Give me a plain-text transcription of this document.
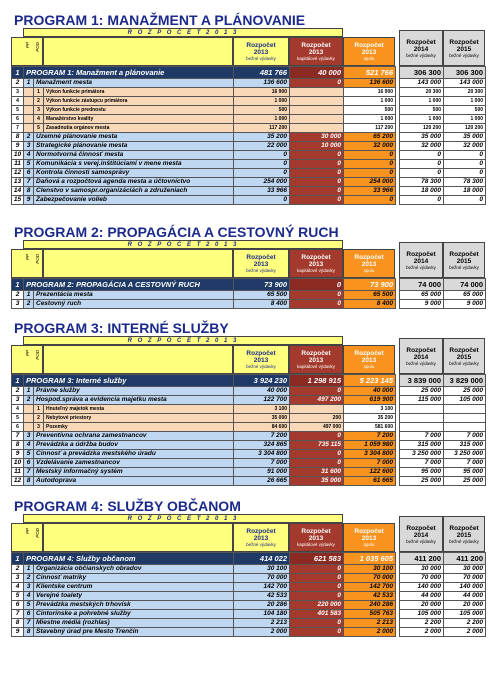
PROGRAM 1: MANAŽMENT A PLÁNOVANIE
R O Z P O Č E T 2 0 1 3
PP POD	Rozpočet
2013
bežné výdavky
Rozpočet
2013
kapitálové výdavky
Rozpočet
2013
spolu
Rozpočet 2014
bežné výdavky
Rozpočet 2015
bežné výdavky
1	PROGRAM 1: Manažment a plánovanie			481 766	40 000	521 766		306 300	306 300
2	1	Manažment mesta		136 600	0	136 600		143 000	143 000
3		1	Výkon funkcie primátora	16 900		16 900		20 300	20 300
4		2	Výkon funkcie zástupcu primátora	1 000		1 000		1 000	1 000
5		3	Výkon funkcie prednostu	500		500		500	500
6		4	Manažérstvo kvality	1 000		1 000		1 000	1 000
7		5	Zasadnutia orgánov mesta	117 200		117 200		120 200	120 200
8	2	Územné plánovanie mesta		35 200	30 000	65 200		35 000	35 000
9	3	Strategické plánovanie mesta		22 000	10 000	32 000		32 000	32 000
10	4	Normotvorná činnosť mesta		0	0	0		0	0
11	5	Komunikácia s verej.inštitúciami v mene mesta		0	0	0		0	0
12	6	Kontrola činnosti samosprávy		0	0	0		0	0
13	7	Daňová a rozpočtová agenda mesta a účtovníctvo		254 000	0	254 000		78 300	78 300
14	8	Členstvo v samospr.organizáciách a združeniach		33 966	0	33 966		18 000	18 000
15	9	Zabezpečovanie volieb		0	0	0		0	0
PROGRAM 2: PROPAGÁCIA A CESTOVNÝ RUCH
R O Z P O Č E T 2 0 1 3
PP POD	Rozpočet
2013
bežné výdavky
Rozpočet
2013
kapitálové výdavky
Rozpočet
2013
spolu
Rozpočet 2014
bežné výdavky
Rozpočet 2015
bežné výdavky
1	PROGRAM 2: PROPAGÁCIA A CESTOVNÝ RUCH		73 900	0	73 900		74 000	74 000
2	1	Prezentácia mesta	65 500	0	65 500		65 000	65 000
3	2	Cestovný ruch	8 400	0	8 400		9 000	9 000
PROGRAM 3: INTERNÉ SLUŽBY
R O Z P O Č E T 2 0 1 3
PP POD	Rozpočet
2013
bežné výdavky
Rozpočet
2013
kapitálové výdavky
Rozpočet
2013
spolu
Rozpočet 2014
bežné výdavky
Rozpočet 2015
bežné výdavky
1	PROGRAM 3: Interné služby			3 924 230	1 298 915	5 223 145		3 839 000	3 829 000
2	1	Právne služby		40 000	0	40 000		25 000	25 000
3	2	Hospod.správa a evidencia majetku mesta		122 700	497 200	619 900		115 000	105 000
4		1	Hnuteľný majetok mesta	3 100		3 100			
5		2	Nebytové priestory	35 000	200	35 200			
6		3	Pozemky	84 600	497 000	581 600			
7	3	Preventívna ochrana zamestnancov		7 200	0	7 200		7 000	7 000
8	4	Prevádzka a údržba budov		324 865	735 115	1 059 980		315 000	315 000
9	5	Činnosť a prevádzka mestského úradu		3 304 800	0	3 304 800		3 250 000	3 250 000
10	6	Vzdelávanie zamestnancov		7 000	0	7 000		7 000	7 000
11	7	Mestský informačný systém		91 000	31 600	122 600		95 000	95 000
12	8	Autodoprava		26 665	35 000	61 665		25 000	25 000
PROGRAM 4: SLUŽBY OBČANOM
R O Z P O Č E T 2 0 1 3
PP POD	Rozpočet
2013
bežné výdavky
Rozpočet
2013
kapitálové výdavky
Rozpočet
2013
spolu
Rozpočet 2014
bežné výdavky
Rozpočet 2015
bežné výdavky
1	PROGRAM 4: Služby občanom		414 022	621 583	1 035 605		411 200	411 200
2	1	Organizácia občianskych obradov	30 100	0	30 100		30 000	30 000
3	2	Činnosť matriky	70 000	0	70 000		70 000	70 000
4	3	Klientske centrum	142 700	0	142 700		140 000	140 000
5	4	Verejné toalety	42 533	0	42 533		44 000	44 000
6	5	Prevádzka mestských trhovísk	20 286	220 000	240 286		20 000	20 000
7	6	Cintorínske a pohrebné služby	104 180	401 583	505 763		105 000	105 000
8	7	Miestne médiá (rozhlas)	2 213	0	2 213		2 200	2 200
9	8	Stavebný úrad pre Mesto Trenčín	2 000	0	2 000		2 000	2 000
